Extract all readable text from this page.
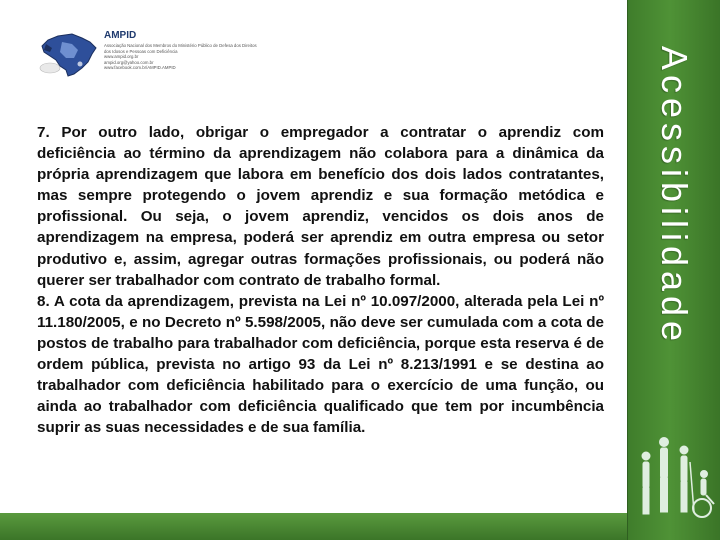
AMPID
Associação Nacional dos Membros do Ministério Público de Defesa dos Direitos
dos Idosos e Pessoas com Deficiência
www.ampid.org.br
ampid.org@yahoo.com.br
www.facebook.com.br/AMPID.AMPID

7. Por outro lado, obrigar o empregador a contratar o aprendiz com deficiência ao término da aprendizagem não colabora para a dinâmica da própria aprendizagem que labora em benefício dos dois lados contratantes, mas sempre protegendo o jovem aprendiz e sua formação metódica e profissional. Ou seja, o jovem aprendiz, vencidos os dois anos de aprendizagem na empresa, poderá ser aprendiz em outra empresa ou setor produtivo e, assim, agregar outras formações profissionais, ou poderá não querer ser trabalhador com contrato de trabalho formal.

8. A cota da aprendizagem, prevista na Lei nº 10.097/2000, alterada pela Lei nº 11.180/2005, e no Decreto nº 5.598/2005, não deve ser cumulada com a cota de postos de trabalho para trabalhador com deficiência, porque esta reserva é de ordem pública, prevista no artigo 93 da Lei nº 8.213/1991 e se destina ao trabalhador com deficiência habilitado para o exercício de uma função, ou ainda ao trabalhador com deficiência qualificado que tem por incumbência suprir as suas necessidades e de sua família.

Acessibilidade
